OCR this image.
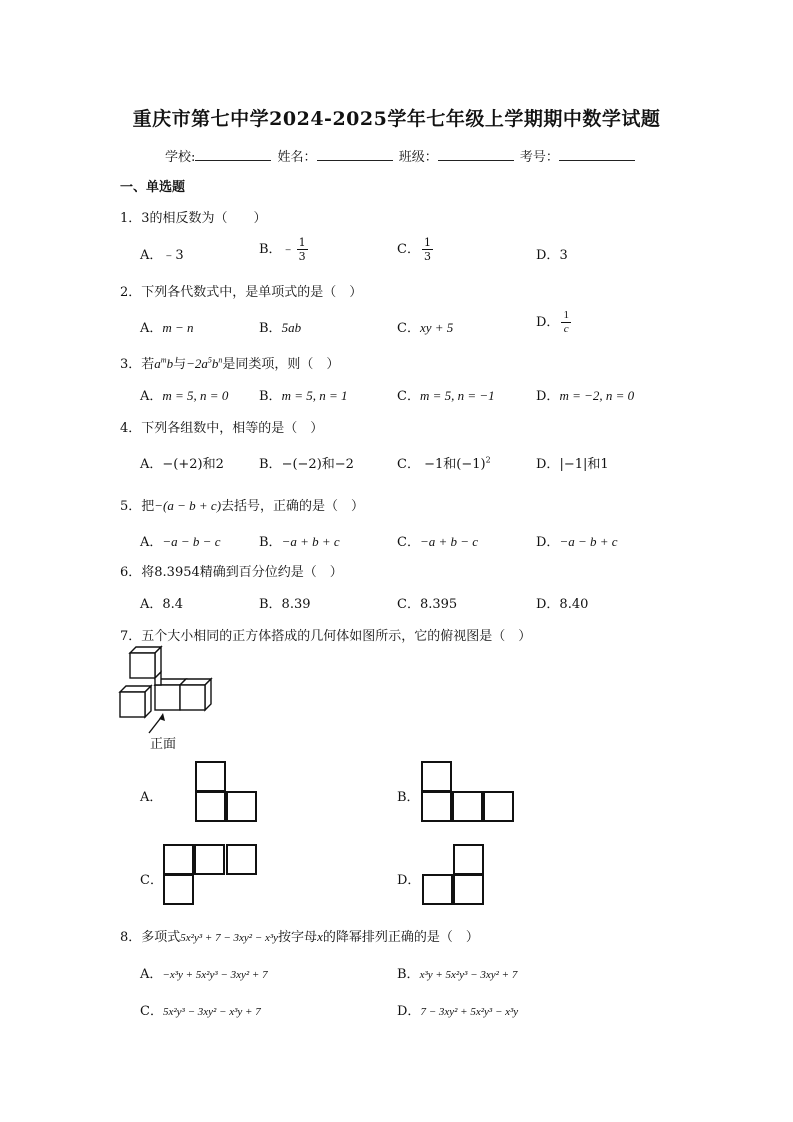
重庆市第七中学2024-2025学年七年级上学期期中数学试题
学校:	姓名：	班级：	考号：
一、单选题
1．3的相反数为（　　）
A．﹣3	B．﹣ $\frac{1}{3}$	C． $\frac{1}{3}$	D．3
2．下列各代数式中，是单项式的是（　）
A．m − n	B．5ab	C．xy + 5	D． $\frac{1}{c}$
3．若$a^mb$与$-2a^5b^n$是同类项，则（　）
A．m = 5, n = 0 B．m = 5, n = 1	C．m = 5, n = −1	D．m = −2, n = 0
4．下列各组数中，相等的是（　）
A．−(+2)和2	B．−(−2)和−2	C． −1和$(-1)^2$	D．|−1|和1
5．把−(a − b + c)去括号，正确的是（　）
A．−a − b − c	B．−a + b + c	C．−a + b − c	D．−a − b + c
6．将8.3954精确到百分位约是（　）
A．8.4	B．8.39	C．8.395	D．8.40
7．五个大小相同的正方体搭成的几何体如图所示，它的俯视图是（　）
正面
A．	B．
C．	D．
8．多项式5x²y³ + 7 − 3xy² − x³y按字母x的降幂排列正确的是（　）
A．−x³y + 5x²y³ − 3xy² + 7	B．x³y + 5x²y³ − 3xy² + 7
C．5x²y³ − 3xy² − x³y + 7	D．7 − 3xy² + 5x²y³ − x³y
